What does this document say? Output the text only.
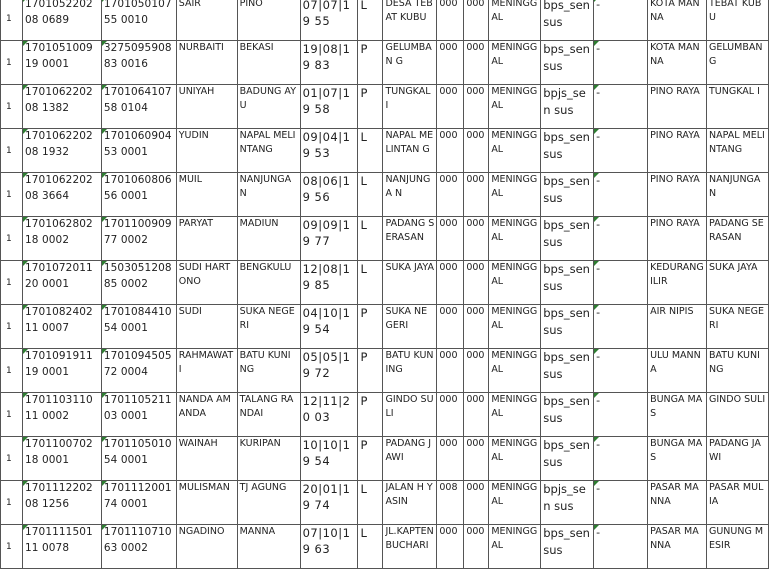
1	170105220208 0689	170105010755 0010	SAIR	PINO	07|07|19 55	L	DESA TEBAT KUBU	000	000	MENINGG AL	bps_sen sus	-	KOTA MANNA	TEBAT KUBU
1	170105100919 0001	327509590883 0016	NURBAITI	BEKASI	19|08|19 83	P	GELUMBAN G	000	000	MENINGG AL	bps_sen sus	-	KOTA MANNA	GELUMBANG
1	170106220208 1382	170106410758 0104	UNIYAH	BADUNG AYU	01|07|19 58	P	TUNGKAL I	000	000	MENINGG AL	bpjs_sen sus	-	PINO RAYA	TUNGKAL I
1	170106220208 1932	170106090453 0001	YUDIN	NAPAL MELINTANG	09|04|19 53	L	NAPAL MELINTAN G	000	000	MENINGG AL	bps_sen sus	-	PINO RAYA	NAPAL MELINTANG
1	170106220208 3664	170106080656 0001	MUIL	NANJUNGAN	08|06|19 56	L	NANJUNGA N	000	000	MENINGG AL	bps_sen sus	-	PINO RAYA	NANJUNGAN
1	170106280218 0002	170110090977 0002	PARYAT	MADIUN	09|09|19 77	L	PADANG SERASAN	000	000	MENINGG AL	bps_sen sus	-	PINO RAYA	PADANG SERASAN
1	170107201120 0001	150305120885 0002	SUDI HARTONO	BENGKULU	12|08|19 85	L	SUKA JAYA	000	000	MENINGG AL	bps_sen sus	-	KEDURANG ILIR	SUKA JAYA
1	170108240211 0007	170108441054 0001	SUDI	SUKA NEGERI	04|10|19 54	P	SUKA NEGERI	000	000	MENINGG AL	bps_sen sus	-	AIR NIPIS	SUKA NEGERI
1	170109191119 0001	170109450572 0004	RAHMAWAT I	BATU KUNING	05|05|19 72	P	BATU KUNING	000	000	MENINGG AL	bps_sen sus	-	ULU MANNA	BATU KUNING
1	170110311011 0002	170110521103 0001	NANDA AMANDA	TALANG RANDAI	12|11|20 03	P	GINDO SULI	000	000	MENINGG AL	bps_sen sus	-	BUNGA MAS	GINDO SULI
1	170110070218 0001	170110501054 0001	WAINAH	KURIPAN	10|10|19 54	P	PADANG JAWI	000	000	MENINGG AL	bps_sen sus	-	BUNGA MAS	PADANG JAWI
1	170111220208 1256	170111200174 0001	MULISMAN	TJ AGUNG	20|01|19 74	L	JALAN H YASIN	008	000	MENINGG AL	bpjs_sen sus	-	PASAR MANNA	PASAR MULIA
1	170111150111 0078	170111071063 0002	NGADINO	MANNA	07|10|19 63	L	JL.KAPTEN BUCHARI	000	000	MENINGG AL	bps_sen sus	-	PASAR MANNA	GUNUNG MESIR
